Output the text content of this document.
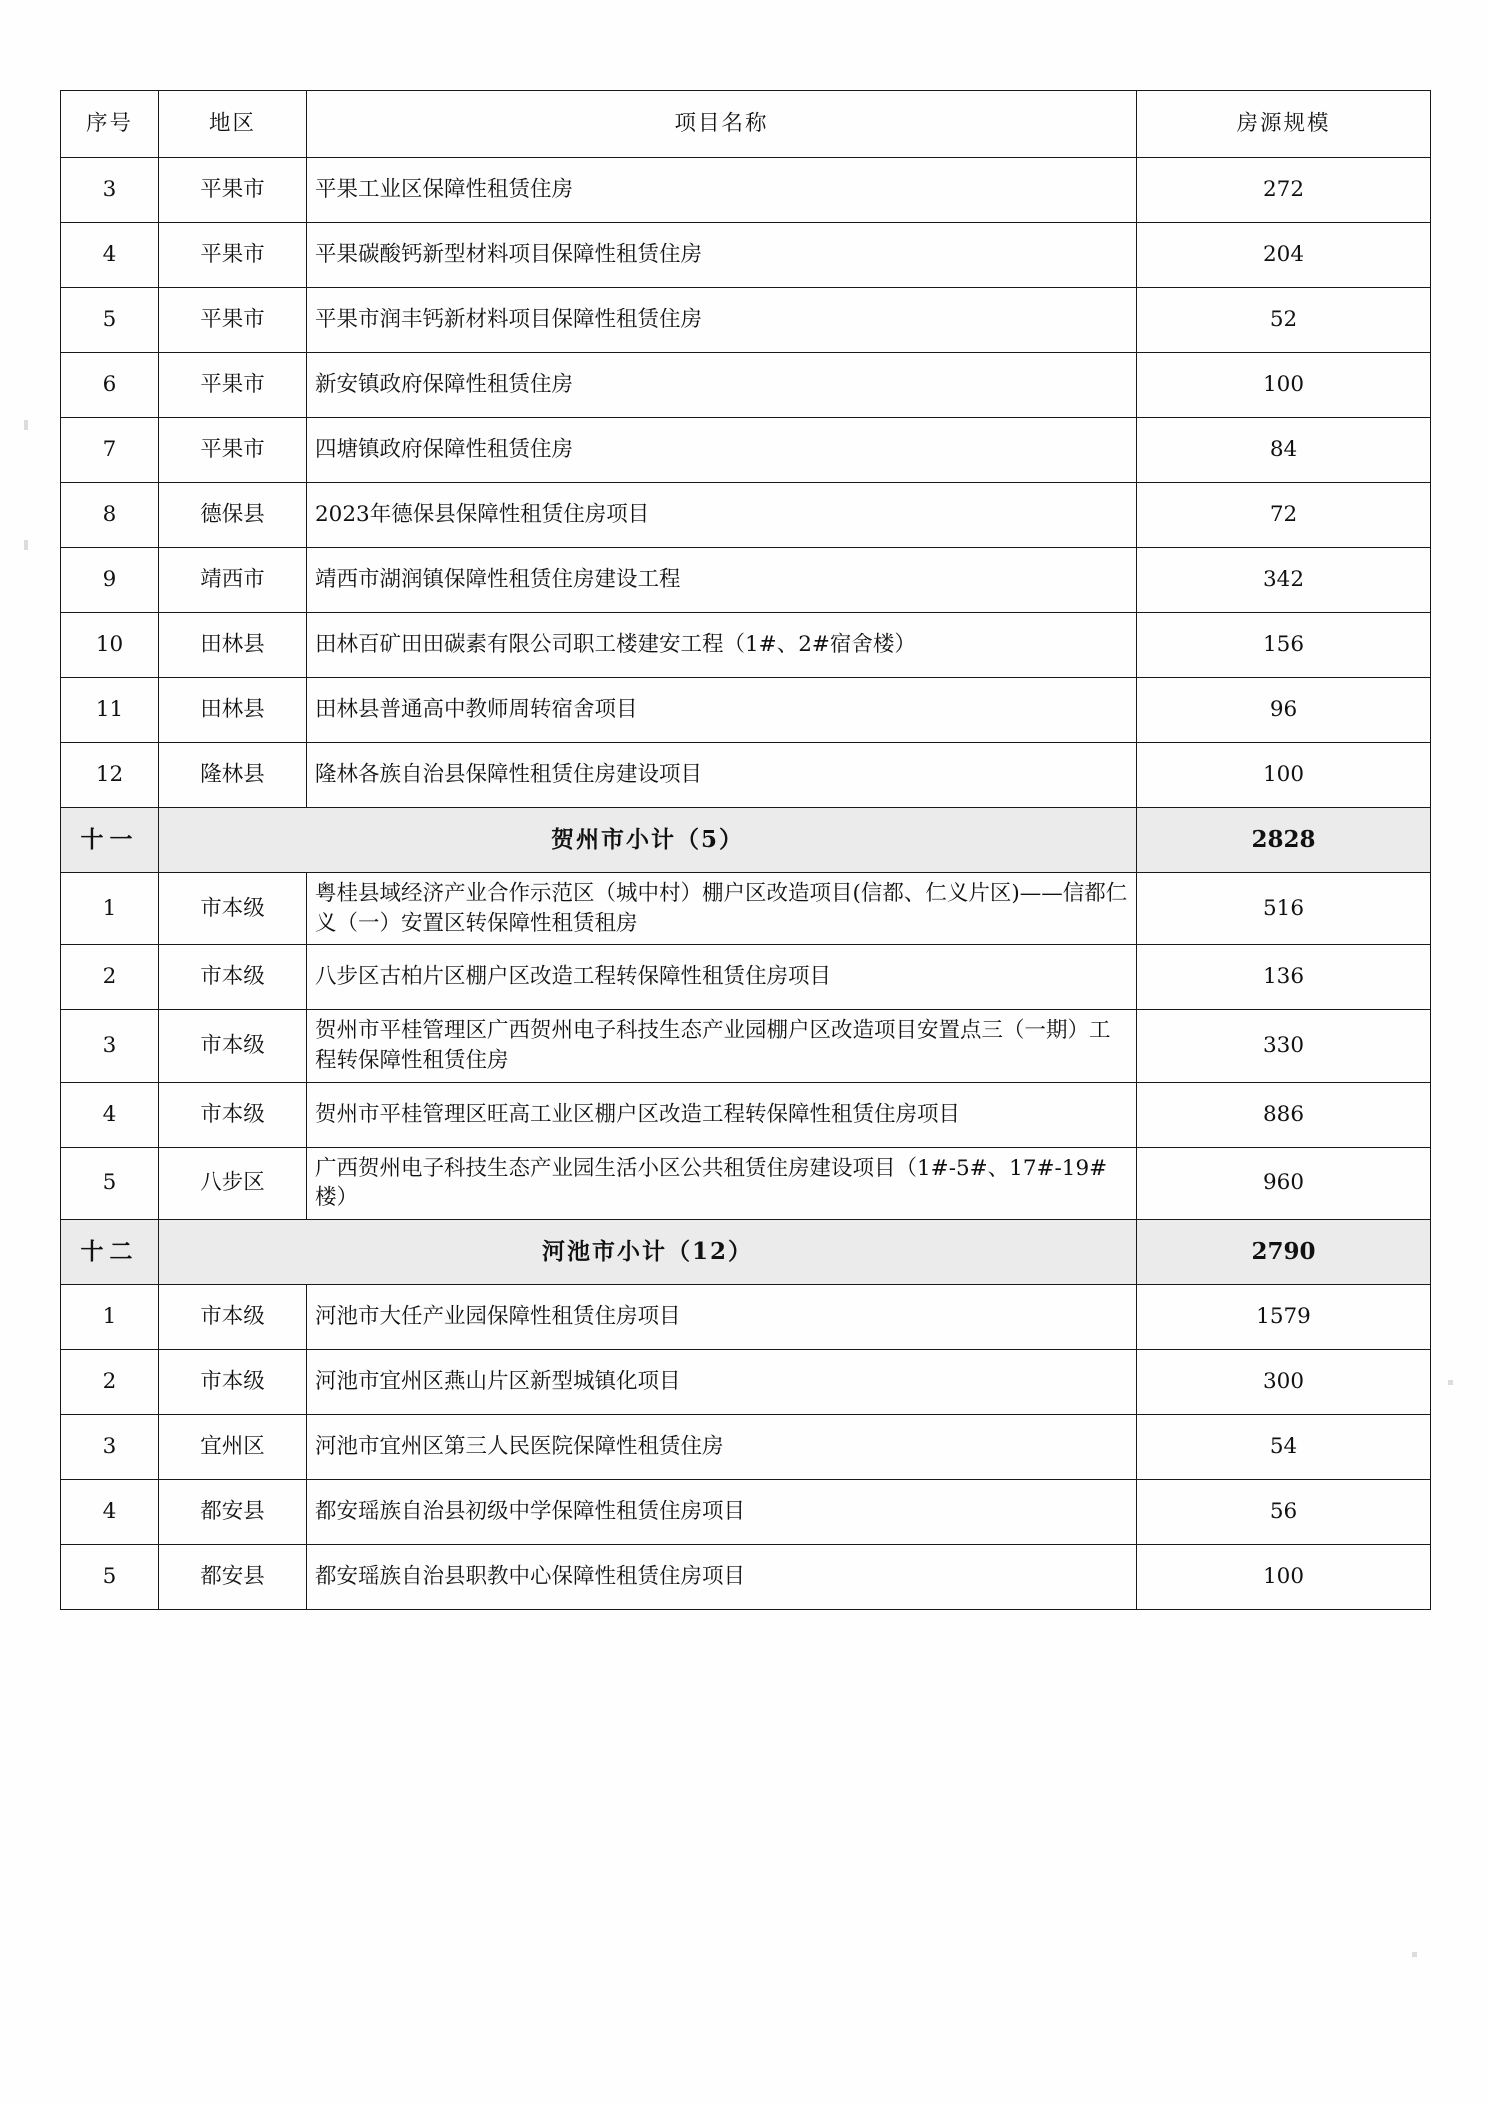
序号	地区	项目名称	房源规模
3	平果市	平果工业区保障性租赁住房	272
4	平果市	平果碳酸钙新型材料项目保障性租赁住房	204
5	平果市	平果市润丰钙新材料项目保障性租赁住房	52
6	平果市	新安镇政府保障性租赁住房	100
7	平果市	四塘镇政府保障性租赁住房	84
8	德保县	2023年德保县保障性租赁住房项目	72
9	靖西市	靖西市湖润镇保障性租赁住房建设工程	342
10	田林县	田林百矿田田碳素有限公司职工楼建安工程（1#、2#宿舍楼）	156
11	田林县	田林县普通高中教师周转宿舍项目	96
12	隆林县	隆林各族自治县保障性租赁住房建设项目	100
十一	贺州市小计（5）		2828
1	市本级	粤桂县域经济产业合作示范区（城中村）棚户区改造项目(信都、仁义片区)——信都仁义（一）安置区转保障性租赁租房	516
2	市本级	八步区古柏片区棚户区改造工程转保障性租赁住房项目	136
3	市本级	贺州市平桂管理区广西贺州电子科技生态产业园棚户区改造项目安置点三（一期）工程转保障性租赁住房	330
4	市本级	贺州市平桂管理区旺高工业区棚户区改造工程转保障性租赁住房项目	886
5	八步区	广西贺州电子科技生态产业园生活小区公共租赁住房建设项目（1#-5#、17#-19#楼）	960
十二	河池市小计（12）		2790
1	市本级	河池市大任产业园保障性租赁住房项目	1579
2	市本级	河池市宜州区燕山片区新型城镇化项目	300
3	宜州区	河池市宜州区第三人民医院保障性租赁住房	54
4	都安县	都安瑶族自治县初级中学保障性租赁住房项目	56
5	都安县	都安瑶族自治县职教中心保障性租赁住房项目	100
